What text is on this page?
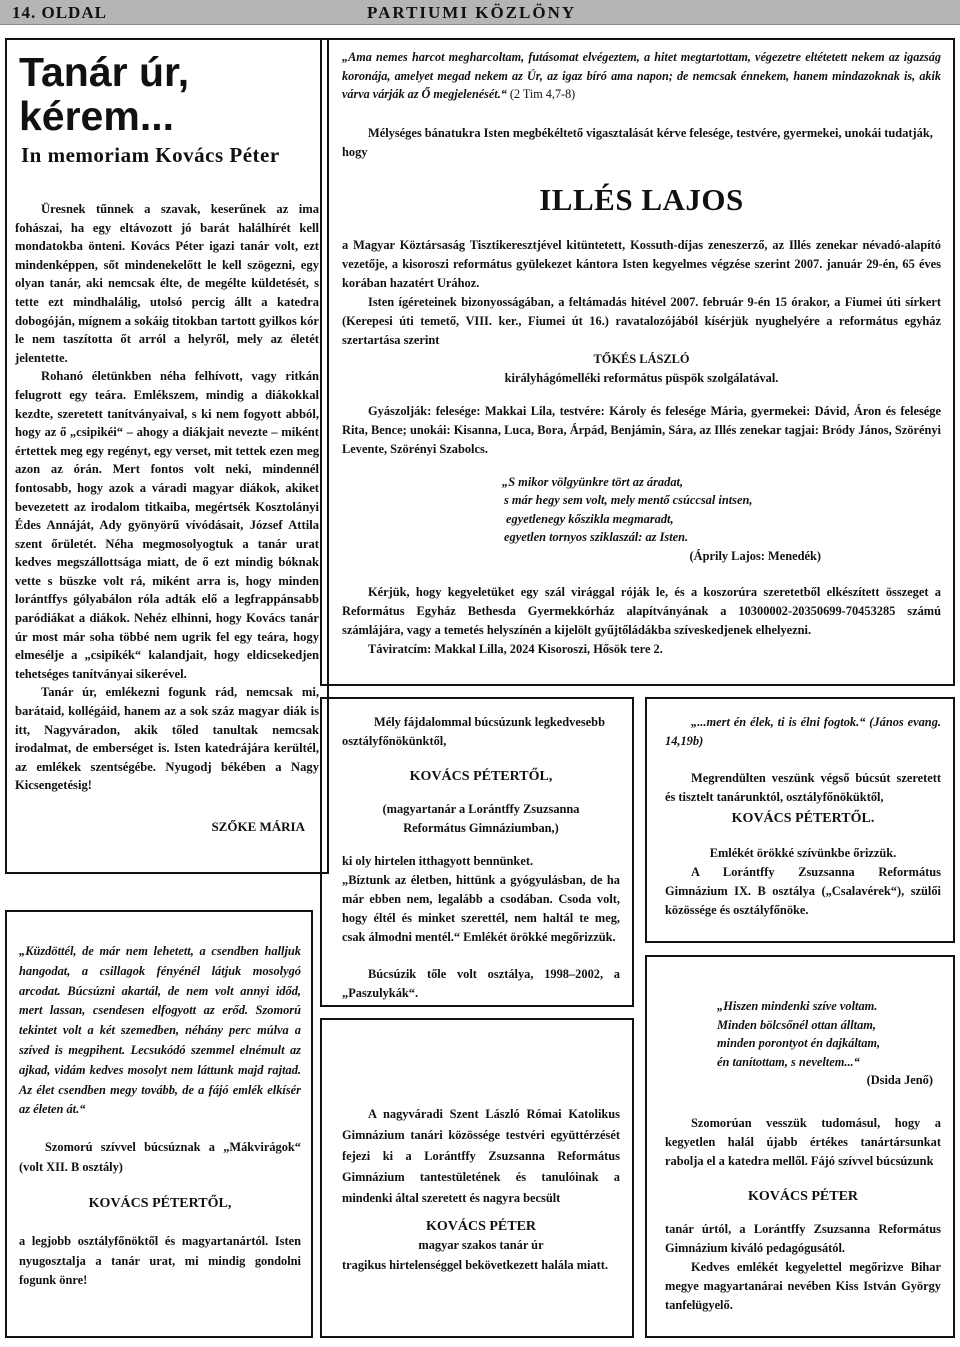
14. OLDAL	PARTIUMI KÖZLÖNY
Tanár úr, kérem...
In memoriam Kovács Péter

Üresnek tűnnek a szavak, keserűnek az ima fohászai, ha egy eltávozott jó barát halálhírét kell mondatokba önteni. Kovács Péter igazi tanár volt, ezt mindenképpen, sőt mindenekelőtt le kell szögezni, egy olyan tanár, aki nemcsak élte, de megélte küldetését, s tette ezt mindhalálig, utolsó percig állt a katedra dobogóján, mígnem a sokáig titokban tartott gyilkos kór le nem taszította őt arról a helyről, mely az életét jelentette.

Rohanó életünkben néha felhívott, vagy ritkán felugrott egy teára. Emlékszem, mindig a diákokkal kezdte, szeretett tanítványaival, s ki nem fogyott abból, hogy az ő „csipikéi“ – ahogy a diákjait nevezte – miként értettek meg egy regényt, egy verset, mit tettek ezen meg azon az órán. Mert fontos volt neki, mindennél fontosabb, hogy azok a váradi magyar diákok, akiket bevezetett az irodalom titkaiba, megértsék Kosztolányi Édes Annáját, Ady gyönyörű vívódásait, József Attila szent őrületét. Néha megmosolyogtuk a tanár urat kedves megszállottsága miatt, de ő ezt mindig bóknak vette s büszke volt rá, miként arra is, hogy minden lorántffys gólyabálon róla adták elő a legfrappánsabb paródiákat a diákok. Nehéz elhinni, hogy Kovács tanár úr most már soha többé nem ugrik fel egy teára, hogy elmesélje a „csipikék“ kalandjait, hogy eldicsekedjen tehetséges tanítványai sikerével.

Tanár úr, emlékezni fogunk rád, nemcsak mi, barátaid, kollégáid, hanem az a sok száz magyar diák is itt, Nagyváradon, akik tőled tanultak nemcsak irodalmat, de emberséget is. Isten katedrájára kerültél, az emlékek szentségébe. Nyugodj békében a Nagy Kicsengetésig!

SZŐKE MÁRIA

„Küzdöttél, de már nem lehetett, a csendben halljuk hangodat, a csillagok fényénél látjuk mosolygó arcodat. Búcsúzni akartál, de nem volt annyi időd, mert lassan, csendesen elfogyott az erőd. Szomorú tekintet volt a két szemedben, néhány perc múlva a szíved is megpihent. Lecsukódó szemmel elnémult az ajkad, vidám kedves mosolyt nem láttunk majd rajtad. Az élet csendben megy tovább, de a fájó emlék elkísér az életen át.“

Szomorú szívvel búcsúznak a „Mákvirágok“ (volt XII. B osztály)

KOVÁCS PÉTERTŐL,

a legjobb osztályfőnöktől és magyartanártól. Isten nyugosztalja a tanár urat, mi mindig gondolni fogunk önre!

„Ama nemes harcot megharcoltam, futásomat elvégeztem, a hitet megtartottam, végezetre eltétetett nekem az igazság koronája, amelyet megad nekem az Úr, az igaz bíró ama napon; de nemcsak énnekem, hanem mindazoknak is, akik várva várják az Ő megjelenését.“ (2 Tim 4,7-8)

Mélységes bánatukra Isten megbékéltető vigasztalását kérve felesége, testvére, gyermekei, unokái tudatják, hogy

ILLÉS LAJOS

a Magyar Köztársaság Tisztikeresztjével kitüntetett, Kossuth-díjas zeneszerző, az Illés zenekar névadó-alapító vezetője, a kisoroszi református gyülekezet kántora Isten kegyelmes végzése szerint 2007. január 29-én, 65 éves korában hazatért Urához.

Isten ígéreteinek bizonyosságában, a feltámadás hitével 2007. február 9-én 15 órakor, a Fiumei úti sírkert (Kerepesi úti temető, VIII. ker., Fiumei út 16.) ravatalozójából kísérjük nyughelyére a református egyház szertartása szerint

TŐKÉS LÁSZLÓ

királyhágómelléki református püspök szolgálatával.

Gyászolják: felesége: Makkai Lila, testvére: Károly és felesége Mária, gyermekei: Dávid, Áron és felesége Rita, Bence; unokái: Kisanna, Luca, Bora, Árpád, Benjámin, Sára, az Illés zenekar tagjai: Bródy János, Szörényi Levente, Szörényi Szabolcs.

„S mikor völgyünkre tört az áradat,
s már hegy sem volt, mely mentő csúccsal intsen,
egyetlenegy kőszikla megmaradt,
egyetlen tornyos sziklaszál: az Isten.
(Áprily Lajos: Menedék)

Kérjük, hogy kegyeletüket egy szál virággal róják le, és a koszorúra szeretetből elkészített összeget a Református Egyház Bethesda Gyermekkórház alapítványának a 10300002-20350699-70453285 számú számlájára, vagy a temetés helyszínén a kijelölt gyűjtőládákba szíveskedjenek elhelyezni.

Táviratcím: Makkal Lilla, 2024 Kisoroszi, Hősök tere 2.

Mély fájdalommal búcsúzunk legkedvesebb osztályfőnökünktől,

KOVÁCS PÉTERTŐL,

(magyartanár a Lorántffy Zsuzsanna Református Gimnáziumban,)

ki oly hirtelen itthagyott bennünket.

„Bíztunk az életben, hittünk a gyógyulásban, de ha már ebben nem, legalább a csodában. Csoda volt, hogy éltél és minket szerettél, nem haltál te meg, csak álmodni mentél.“ Emlékét örökké megőrizzük.

Búcsúzik tőle volt osztálya, 1998–2002, a „Paszulykák“.

„...mert én élek, ti is élni fogtok.“ (János evang. 14,19b)

Megrendülten veszünk végső búcsút szeretett és tisztelt tanárunktól, osztályfőnöküktől,

KOVÁCS PÉTERTŐL.

Emlékét örökké szívünkbe őrizzük.

A Lorántffy Zsuzsanna Református Gimnázium IX. B osztálya („Csalavérek“), szülői közössége és osztályfőnöke.

A nagyváradi Szent László Római Katolikus Gimnázium tanári közössége testvéri együttérzését fejezi ki a Lorántffy Zsuzsanna Református Gimnázium tantestületének és tanulóinak a mindenki által szeretett és nagyra becsült

KOVÁCS PÉTER

magyar szakos tanár úr

tragikus hirtelenséggel bekövetkezett halála miatt.

„Hiszen mindenki szíve voltam.
Minden bölcsőnél ottan álltam,
minden porontyot én dajkáltam,
én tanítottam, s neveltem...“
(Dsida Jenő)

Szomorúan vesszük tudomásul, hogy a kegyetlen halál újabb értékes tanártársunkat rabolja el a katedra mellől. Fájó szívvel búcsúzunk

KOVÁCS PÉTER

tanár úrtól, a Lorántffy Zsuzsanna Református Gimnázium kiváló pedagógusától.

Kedves emlékét kegyelettel megőrizve Bihar megye magyartanárai nevében Kiss István György tanfelügyelő.
